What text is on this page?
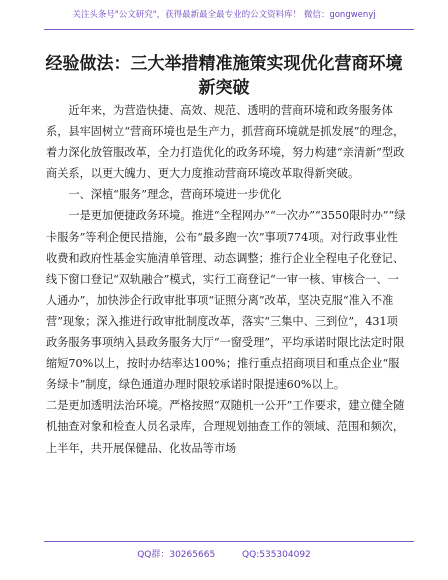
关注头条号"公文研究"，获得最新最全最专业的公文资料库！ 微信：gongwenyj
经验做法：三大举措精准施策实现优化营商环境新突破

近年来，为营造快捷、高效、规范、透明的营商环境和政务服务体系，县牢固树立“营商环境也是生产力，抓营商环境就是抓发展”的理念，着力深化放管服改革，全力打造优化的政务环境，努力构建“亲清新”型政商关系，以更大魄力、更大力度推动营商环境改革取得新突破。

一、深植“服务”理念，营商环境进一步优化

一是更加便捷政务环境。推进“全程网办”“一次办”“3550限时办”“绿卡服务”等利企便民措施，公布“最多跑一次”事项774项。对行政事业性收费和政府性基金实施清单管理、动态调整；推行企业全程电子化登记、线下窗口登记“双轨融合”模式，实行工商登记“一审一核、审核合一、一人通办”，加快涉企行政审批事项“证照分离”改革，坚决克服“准入不准营”现象；深入推进行政审批制度改革，落实“三集中、三到位”，431项政务服务事项纳入县政务服务大厅“一窗受理”，平均承诺时限比法定时限缩短70%以上，按时办结率达100%；推行重点招商项目和重点企业“服务绿卡”制度，绿色通道办理时限较承诺时限提速60%以上。

二是更加透明法治环境。严格按照“双随机一公开”工作要求，建立健全随机抽查对象和检查人员名录库，合理规划抽查工作的领域、范围和频次，上半年，共开展保健品、化妆品等市场

QQ群：30265665	QQ:535304092
